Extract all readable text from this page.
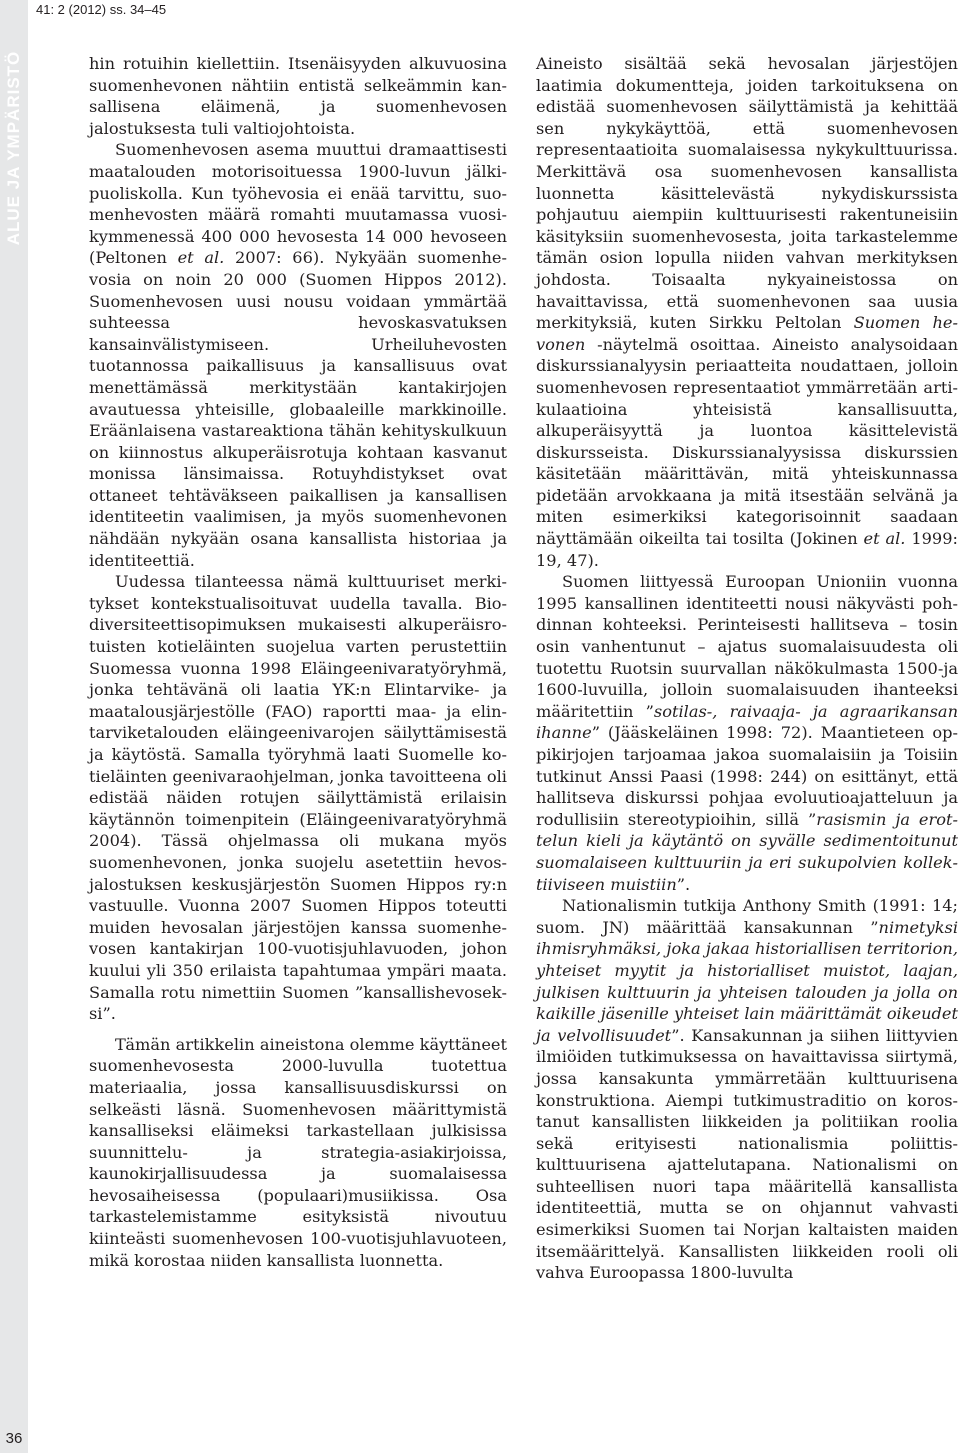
ALUE JA YMPÄRISTÖ
36
41: 2 (2012) ss. 34–45

hin rotuihin kiellettiin. Itsenäisyyden alkuvuosina suomenhevonen nähtiin entistä selkeämmin kansallisena eläimenä, ja suomenhevosen jalostuksesta tuli valtiojohtoista.

Suomenhevosen asema muuttui dramaattisesti maatalouden motorisoituessa 1900-luvun jälkipuoliskolla. Kun työhevosia ei enää tarvittu, suomenhevosten määrä romahti muutamassa vuosikymmenessä 400 000 hevosesta 14 000 hevoseen (Peltonen et al. 2007: 66). Nykyään suomenhevosia on noin 20 000 (Suomen Hippos 2012). Suomenhevosen uusi nousu voidaan ymmärtää suhteessa hevoskasvatuksen kansainvälistymiseen. Urheiluhevosten tuotannossa paikallisuus ja kansallisuus ovat menettämässä merkitystään kantakirjojen avautuessa yhteisille, globaaleille markkinoille. Eräänlaisena vastareaktiona tähän kehityskulkuun on kiinnostus alkuperäisrotuja kohtaan kasvanut monissa länsimaissa. Rotuyhdistykset ovat ottaneet tehtäväkseen paikallisen ja kansallisen identiteetin vaalimisen, ja myös suomenhevonen nähdään nykyään osana kansallista historiaa ja identiteettiä.

Uudessa tilanteessa nämä kulttuuriset merkitykset kontekstualisoituvat uudella tavalla. Biodiversiteettisopimuksen mukaisesti alkuperäisrotuisten kotieläinten suojelua varten perustettiin Suomessa vuonna 1998 Eläingeenivaratyöryhmä, jonka tehtävänä oli laatia YK:n Elintarvike- ja maatalousjärjestölle (FAO) raportti maa- ja elintarviketalouden eläingeenivarojen säilyttämisestä ja käytöstä. Samalla työryhmä laati Suomelle kotieläinten geenivaraohjelman, jonka tavoitteena oli edistää näiden rotujen säilyttämistä erilaisin käytännön toimenpitein (Eläingeenivaratyöryhmä 2004). Tässä ohjelmassa oli mukana myös suomenhevonen, jonka suojelu asetettiin hevosjalostuksen keskusjärjestön Suomen Hippos ry:n vastuulle. Vuonna 2007 Suomen Hippos toteutti muiden hevosalan järjestöjen kanssa suomenhevosen kantakirjan 100-vuotisjuhlavuoden, johon kuului yli 350 erilaista tapahtumaa ympäri maata. Samalla rotu nimettiin Suomen ”kansallishevoseksi”.

Tämän artikkelin aineistona olemme käyttäneet suomenhevosesta 2000-luvulla tuotettua materiaalia, jossa kansallisuusdiskurssi on selkeästi läsnä. Suomenhevosen määrittymistä kansalliseksi eläimeksi tarkastellaan julkisissa suunnittelu- ja strategia-asiakirjoissa, kaunokirjallisuudessa ja suomalaisessa hevosaiheisessa (populaari)musiikissa. Osa tarkastelemistamme esityksistä nivoutuu kiinteästi suomenhevosen 100-vuotisjuhlavuoteen, mikä korostaa niiden kansallista luonnetta.

Aineisto sisältää sekä hevosalan järjestöjen laatimia dokumentteja, joiden tarkoituksena on edistää suomenhevosen säilyttämistä ja kehittää sen nykykäyttöä, että suomenhevosen representaatioita suomalaisessa nykykulttuurissa. Merkittävä osa suomenhevosen kansallista luonnetta käsittelevästä nykydiskurssista pohjautuu aiempiin kulttuurisesti rakentuneisiin käsityksiin suomenhevosesta, joita tarkastelemme tämän osion lopulla niiden vahvan merkityksen johdosta. Toisaalta nykyaineistossa on havaittavissa, että suomenhevonen saa uusia merkityksiä, kuten Sirkku Peltolan Suomen hevonen -näytelmä osoittaa. Aineisto analysoidaan diskurssianalyysin periaatteita noudattaen, jolloin suomenhevosen representaatiot ymmärretään artikulaatioina yhteisistä kansallisuutta, alkuperäisyyttä ja luontoa käsittelevistä diskursseista. Diskurssianalyysissa diskurssien käsitetään määrittävän, mitä yhteiskunnassa pidetään arvokkaana ja mitä itsestään selvänä ja miten esimerkiksi kategorisoinnit saadaan näyttämään oikeilta tai tosilta (Jokinen et al. 1999: 19, 47).

Suomen liittyessä Euroopan Unioniin vuonna 1995 kansallinen identiteetti nousi näkyvästi pohdinnan kohteeksi. Perinteisesti hallitseva – tosin osin vanhentunut – ajatus suomalaisuudesta oli tuotettu Ruotsin suurvallan näkökulmasta 1500-ja 1600-luvuilla, jolloin suomalaisuuden ihanteeksi määritettiin ”sotilas-, raivaaja- ja agraarikansan ihanne” (Jääskeläinen 1998: 72). Maantieteen oppikirjojen tarjoamaa jakoa suomalaisiin ja Toisiin tutkinut Anssi Paasi (1998: 244) on esittänyt, että hallitseva diskurssi pohjaa evoluutioajatteluun ja rodullisiin stereotypioihin, sillä ”rasismin ja erottelun kieli ja käytäntö on syvälle sedimentoitunut suomalaiseen kulttuuriin ja eri sukupolvien kollektiiviseen muistiin”.

Nationalismin tutkija Anthony Smith (1991: 14; suom. JN) määrittää kansakunnan ”nimetyksi ihmisryhmäksi, joka jakaa historiallisen territorion, yhteiset myytit ja historialliset muistot, laajan, julkisen kulttuurin ja yhteisen talouden ja jolla on kaikille jäsenille yhteiset lain määrittämät oikeudet ja velvollisuudet”. Kansakunnan ja siihen liittyvien ilmiöiden tutkimuksessa on havaittavissa siirtymä, jossa kansakunta ymmärretään kulttuurisena konstruktiona. Aiempi tutkimustraditio on korostanut kansallisten liikkeiden ja politiikan roolia sekä erityisesti nationalismia poliittis-kulttuurisena ajattelutapana. Nationalismi on suhteellisen nuori tapa määritellä kansallista identiteettiä, mutta se on ohjannut vahvasti esimerkiksi Suomen tai Norjan kaltaisten maiden itsemäärittelyä. Kansallisten liikkeiden rooli oli vahva Euroopassa 1800-luvulta
